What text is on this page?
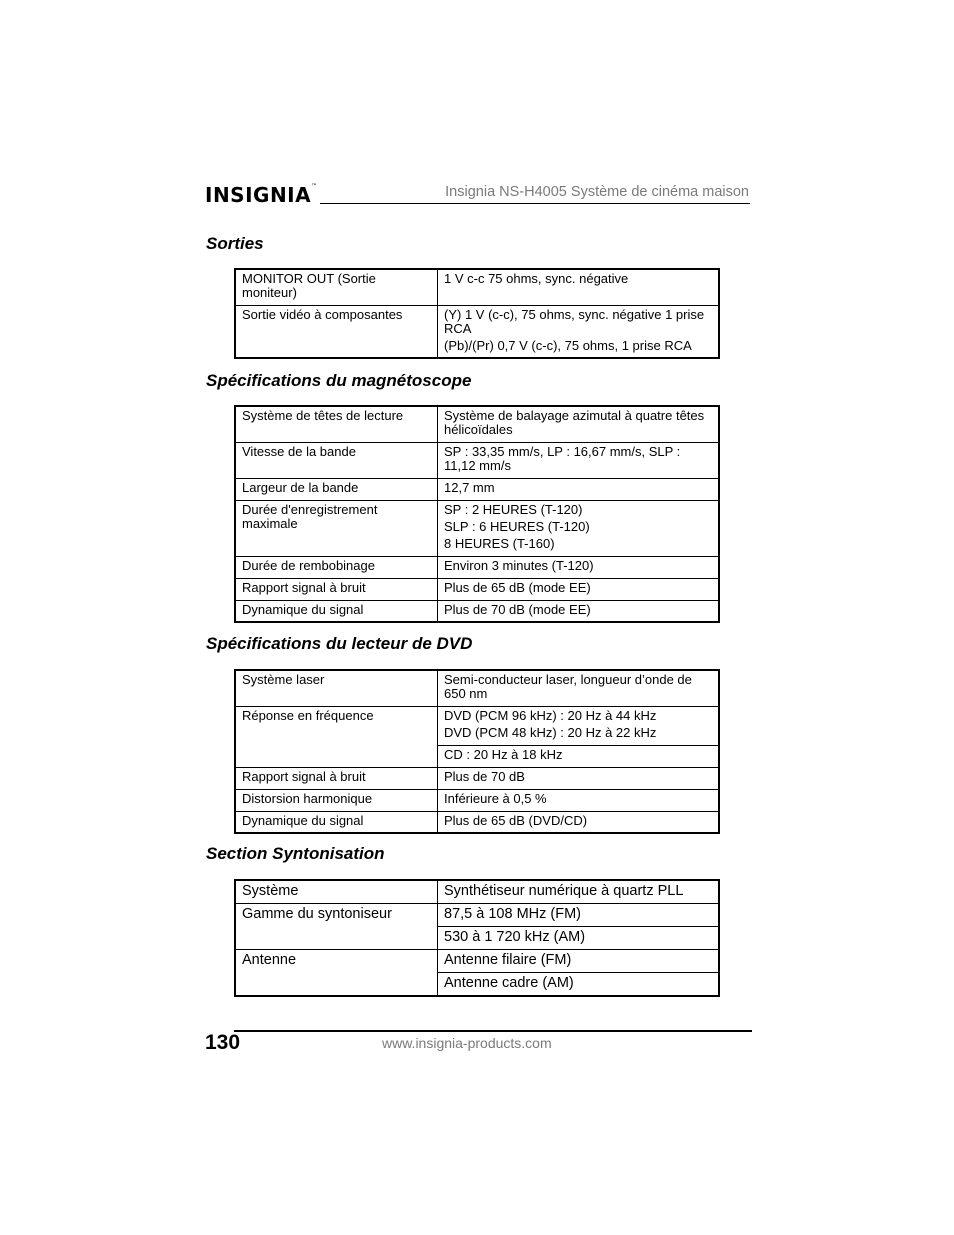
INSIGNIA™	Insignia NS-H4005 Système de cinéma maison
Sorties
MONITOR OUT (Sortie moniteur)	1 V c-c 75 ohms, sync. négative
Sortie vidéo à composantes	(Y) 1 V (c-c), 75 ohms, sync. négative 1 prise RCA
(Pb)/(Pr) 0,7 V (c-c), 75 ohms, 1 prise RCA
Spécifications du magnétoscope
Système de têtes de lecture	Système de balayage azimutal à quatre têtes hélicoïdales
Vitesse de la bande	SP : 33,35 mm/s, LP : 16,67 mm/s, SLP : 11,12 mm/s
Largeur de la bande	12,7 mm
Durée d'enregistrement maximale	SP : 2 HEURES (T-120)
SLP : 6 HEURES (T-120)
8 HEURES (T-160)

Durée de rembobinage	Environ 3 minutes (T-120)
Rapport signal à bruit	Plus de 65 dB (mode EE)
Dynamique du signal	Plus de 70 dB (mode EE)
Spécifications du lecteur de DVD
Système laser	Semi-conducteur laser, longueur d’onde de 650 nm
Réponse en fréquence	DVD (PCM 96 kHz) : 20 Hz à 44 kHz
DVD (PCM 48 kHz) : 20 Hz à 22 kHz

	CD : 20 Hz à 18 kHz
Rapport signal à bruit	Plus de 70 dB
Distorsion harmonique	Inférieure à 0,5 %
Dynamique du signal	Plus de 65 dB (DVD/CD)
Section Syntonisation
Système	Synthétiseur numérique à quartz PLL
Gamme du syntoniseur	87,5 à 108 MHz (FM)
	530 à 1 720 kHz (AM)
Antenne	Antenne filaire (FM)
	Antenne cadre (AM)
130	www.insignia-products.com
